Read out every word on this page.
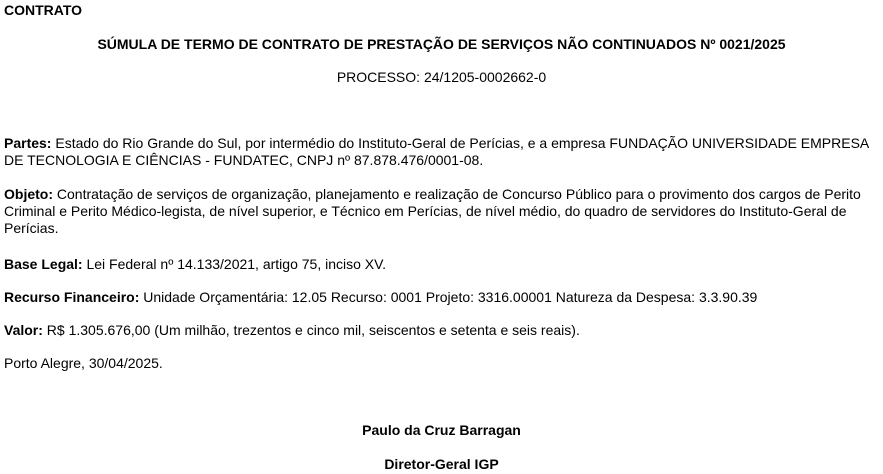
CONTRATO
SÚMULA DE TERMO DE CONTRATO DE PRESTAÇÃO DE SERVIÇOS NÃO CONTINUADOS Nº 0021/2025
PROCESSO: 24/1205-0002662-0

Partes: Estado do Rio Grande do Sul, por intermédio do Instituto-Geral de Perícias, e a empresa FUNDAÇÃO UNIVERSIDADE EMPRESA DE TECNOLOGIA E CIÊNCIAS - FUNDATEC, CNPJ nº 87.878.476/0001-08.

Objeto: Contratação de serviços de organização, planejamento e realização de Concurso Público para o provimento dos cargos de Perito Criminal e Perito Médico-legista, de nível superior, e Técnico em Perícias, de nível médio, do quadro de servidores do Instituto-Geral de Perícias.

Base Legal: Lei Federal nº 14.133/2021, artigo 75, inciso XV.

Recurso Financeiro: Unidade Orçamentária: 12.05 Recurso: 0001 Projeto: 3316.00001 Natureza da Despesa: 3.3.90.39

Valor: R$ 1.305.676,00 (Um milhão, trezentos e cinco mil, seiscentos e setenta e seis reais).

Porto Alegre, 30/04/2025.

Paulo da Cruz Barragan
Diretor-Geral IGP
